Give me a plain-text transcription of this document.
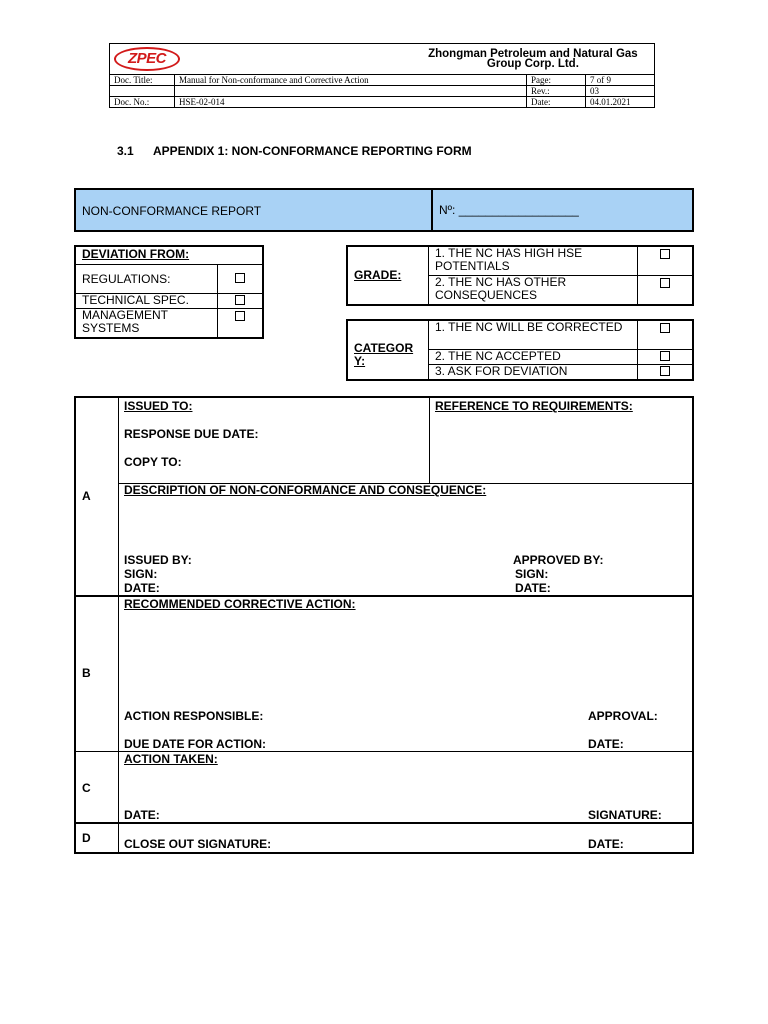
ZPEC		Zhongman Petroleum and Natural Gas Group Corp. Ltd.		
Doc. Title:	Manual for Non-conformance and Corrective Action		Page:	7 of 9
			Rev.:	03
Doc. No.:	HSE-02-014		Date:	04.01.2021
3.1 APPENDIX 1: NON-CONFORMANCE REPORTING FORM
NON-CONFORMANCE REPORT	Nº: __________________
DEVIATION FROM:	
REGULATIONS:	
TECHNICAL SPEC.	
MANAGEMENT SYSTEMS	
GRADE:	1. THE NC HAS HIGH HSE POTENTIALS	
	2. THE NC HAS OTHER CONSEQUENCES	
CATEGOR Y:	1. THE NC WILL BE CORRECTED	
	2. THE NC ACCEPTED	
	3. ASK FOR DEVIATION	
A
ISSUED TO:
RESPONSE DUE DATE:
COPY TO:
REFERENCE TO REQUIREMENTS:
DESCRIPTION OF NON-CONFORMANCE AND CONSEQUENCE:
ISSUED BY:
SIGN:
DATE:
APPROVED BY:
SIGN:
DATE:
B
RECOMMENDED CORRECTIVE ACTION:
ACTION RESPONSIBLE:	APPROVAL:
DUE DATE FOR ACTION:	DATE:
C
ACTION TAKEN:
DATE:	SIGNATURE:
D	CLOSE OUT SIGNATURE:	DATE:
